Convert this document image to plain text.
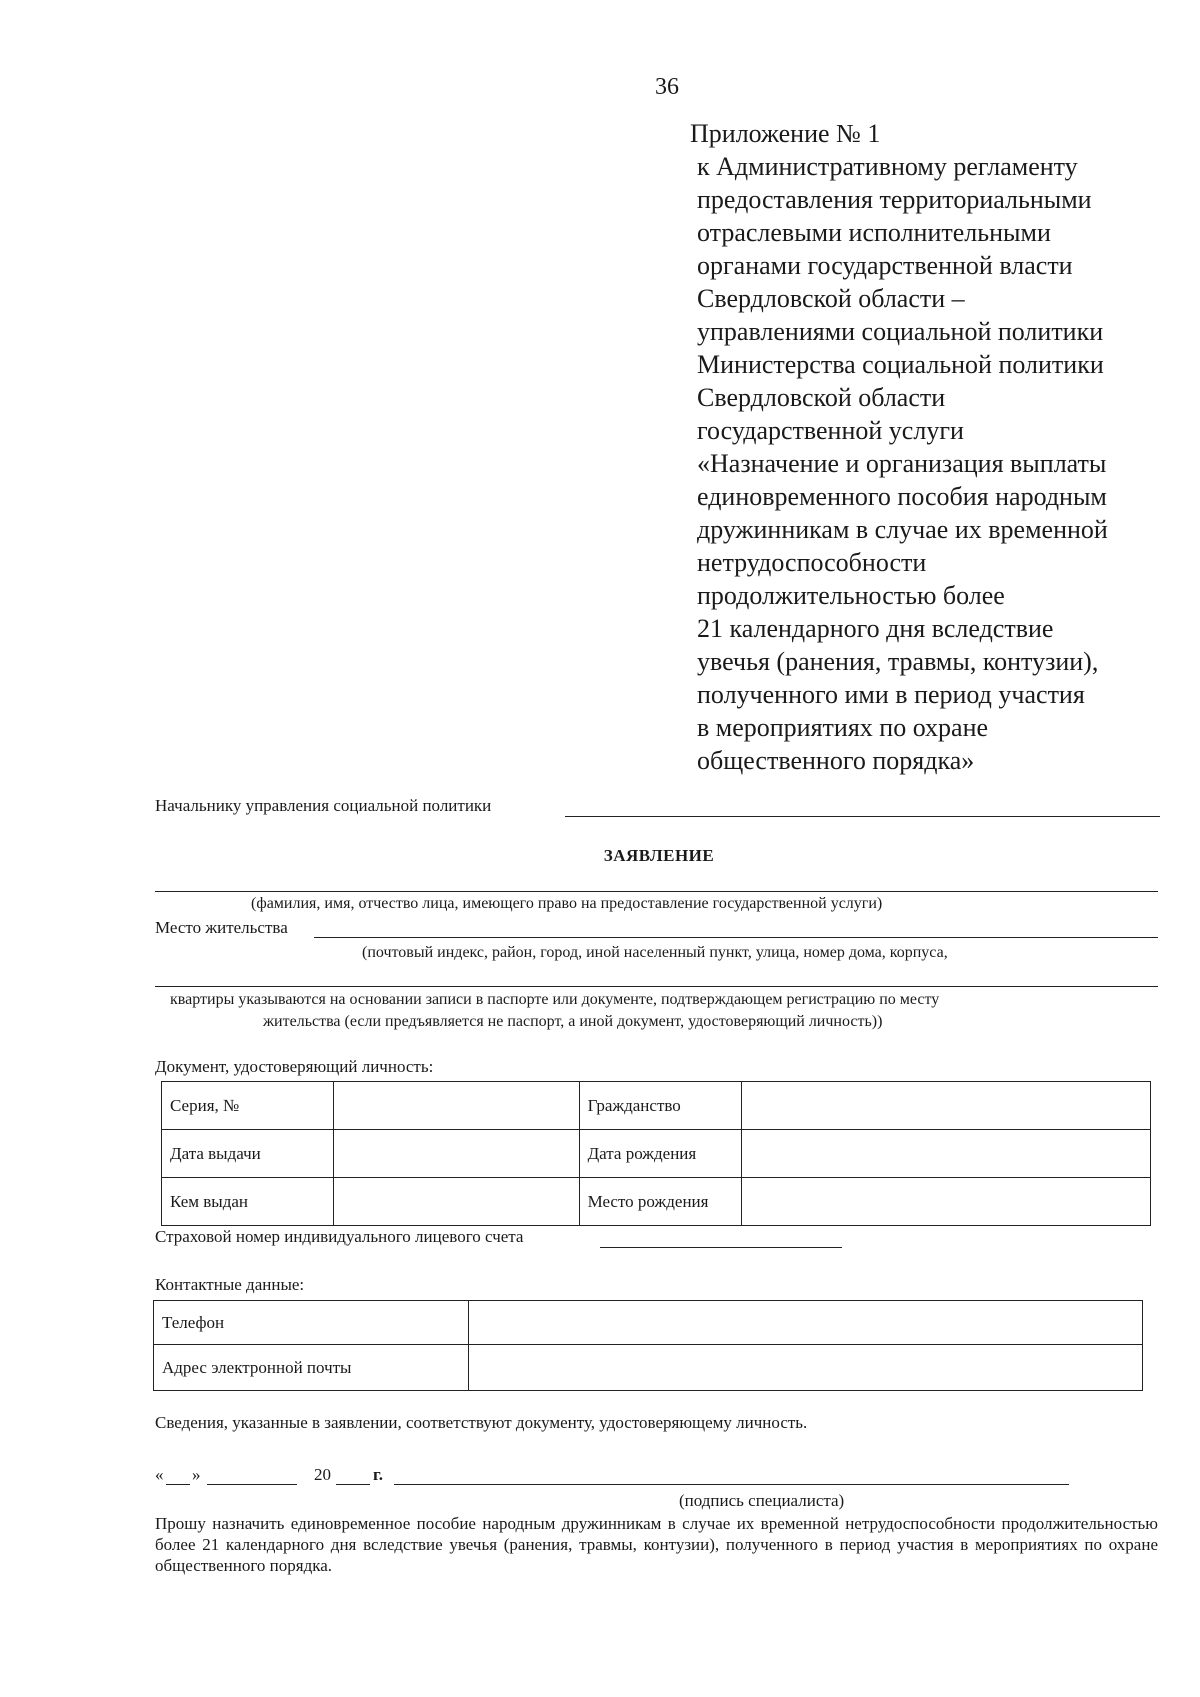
36
Приложение № 1
к Административному регламенту
предоставления территориальными
отраслевыми исполнительными
органами государственной власти
Свердловской области –
управлениями социальной политики
Министерства социальной политики
Свердловской области
государственной услуги
«Назначение и организация выплаты
единовременного пособия народным
дружинникам в случае их временной
нетрудоспособности
продолжительностью более
21 календарного дня вследствие
увечья (ранения, травмы, контузии),
полученного ими в период участия
в мероприятиях по охране
общественного порядка»
Начальнику управления социальной политики
ЗАЯВЛЕНИЕ
(фамилия, имя, отчество лица, имеющего право на предоставление государственной услуги)
Место жительства
(почтовый индекс, район, город, иной населенный пункт, улица, номер дома, корпуса,
квартиры указываются на основании записи в паспорте или документе, подтверждающем регистрацию по месту
жительства (если предъявляется не паспорт, а иной документ, удостоверяющий личность))
Документ, удостоверяющий личность:
Серия, №		Гражданство	
Дата выдачи		Дата рождения	
Кем выдан		Место рождения	
Страховой номер индивидуального лицевого счета
Контактные данные:
Телефон	
Адрес электронной почты	
Сведения, указанные в заявлении, соответствуют документу, удостоверяющему личность.
« »	20 г.
(подпись специалиста)
Прошу назначить единовременное пособие народным дружинникам в случае их временной нетрудоспособности продолжительностью более 21 календарного дня вследствие увечья (ранения, травмы, контузии), полученного в период участия в мероприятиях по охране общественного порядка.
